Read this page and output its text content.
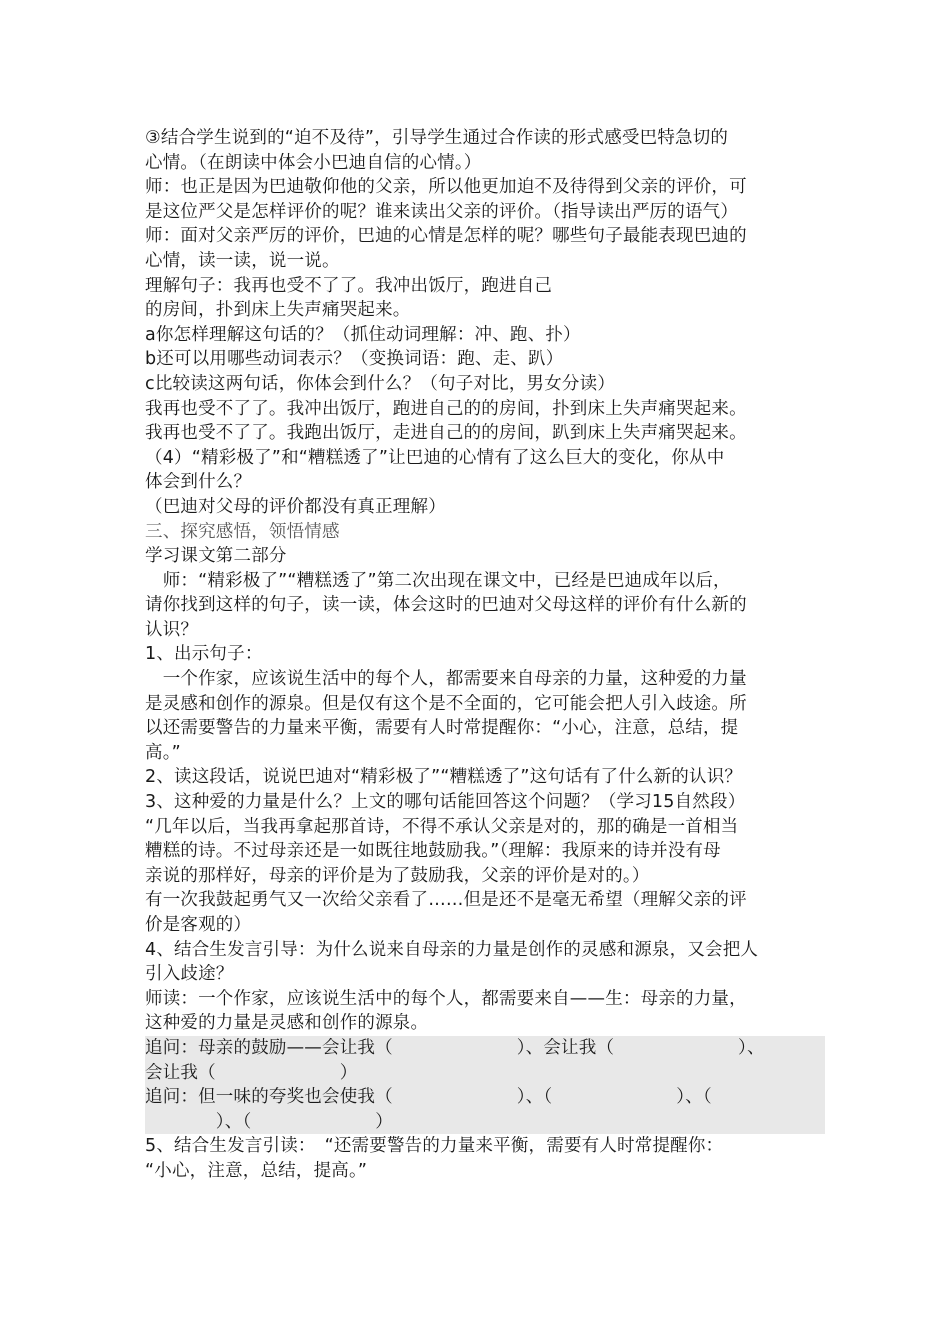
③结合学生说到的“迫不及待”，引导学生通过合作读的形式感受巴特急切的
心情。（在朗读中体会小巴迪自信的心情。）
师：也正是因为巴迪敬仰他的父亲，所以他更加迫不及待得到父亲的评价，可
是这位严父是怎样评价的呢？谁来读出父亲的评价。（指导读出严厉的语气）
师：面对父亲严厉的评价，巴迪的心情是怎样的呢？哪些句子最能表现巴迪的
心情，读一读，说一说。
理解句子：我再也受不了了。我冲出饭厅，跑进自己
的房间，扑到床上失声痛哭起来。
a你怎样理解这句话的？（抓住动词理解：冲、跑、扑）
b还可以用哪些动词表示？（变换词语：跑、走、趴）
c比较读这两句话，你体会到什么？（句子对比，男女分读）
我再也受不了了。我冲出饭厅，跑进自己的的房间，扑到床上失声痛哭起来。
我再也受不了了。我跑出饭厅，走进自己的的房间，趴到床上失声痛哭起来。
（4）“精彩极了”和“糟糕透了”让巴迪的心情有了这么巨大的变化，你从中
体会到什么？
（巴迪对父母的评价都没有真正理解）
三、探究感悟，领悟情感
学习课文第二部分
　师：“精彩极了”“糟糕透了”第二次出现在课文中，已经是巴迪成年以后，
请你找到这样的句子，读一读，体会这时的巴迪对父母这样的评价有什么新的
认识？
1、出示句子：
　一个作家，应该说生活中的每个人，都需要来自母亲的力量，这种爱的力量
是灵感和创作的源泉。但是仅有这个是不全面的，它可能会把人引入歧途。所
以还需要警告的力量来平衡，需要有人时常提醒你：“小心，注意，总结，提
高。”
2、读这段话，说说巴迪对“精彩极了”“糟糕透了”这句话有了什么新的认识？
3、这种爱的力量是什么？上文的哪句话能回答这个问题？（学习15自然段）
“几年以后，当我再拿起那首诗，不得不承认父亲是对的，那的确是一首相当
糟糕的诗。不过母亲还是一如既往地鼓励我。”（理解：我原来的诗并没有母
亲说的那样好，母亲的评价是为了鼓励我，父亲的评价是对的。）
有一次我鼓起勇气又一次给父亲看了……但是还不是毫无希望（理解父亲的评
价是客观的）
4、结合生发言引导：为什么说来自母亲的力量是创作的灵感和源泉，又会把人
引入歧途？
师读：一个作家，应该说生活中的每个人，都需要来自——生：母亲的力量，
这种爱的力量是灵感和创作的源泉。
追问：母亲的鼓励——会让我（　　　　　　　）、会让我（　　　　　　　）、
会让我（　　　　　　　）
追问：但一味的夸奖也会使我（　　　　　　　）、（　　　　　　　）、（
　　　　）、（　　　　　　　）
5、结合生发言引读：　“还需要警告的力量来平衡，需要有人时常提醒你：
“小心，注意，总结，提高。”
